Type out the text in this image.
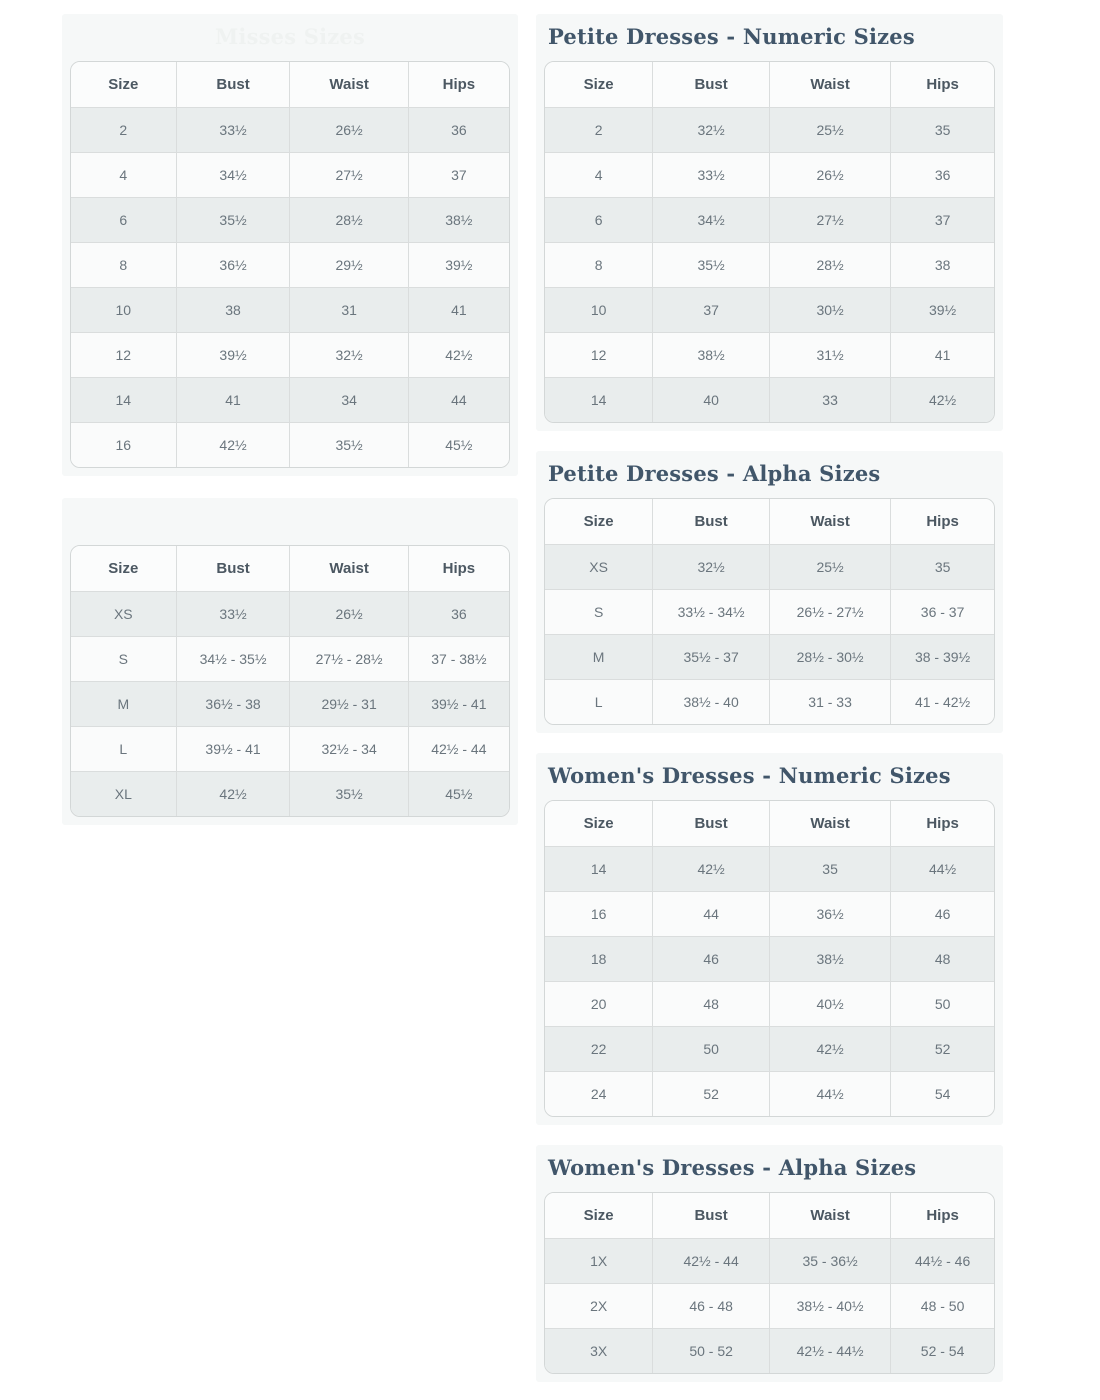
Misses Sizes
Size	Bust	Waist	Hips
2	33½	26½	36
4	34½	27½	37
6	35½	28½	38½
8	36½	29½	39½
10	38	31	41
12	39½	32½	42½
14	41	34	44
16	42½	35½	45½
Size	Bust	Waist	Hips
XS	33½	26½	36
S	34½ - 35½	27½ - 28½	37 - 38½
M	36½ - 38	29½ - 31	39½ - 41
L	39½ - 41	32½ - 34	42½ - 44
XL	42½	35½	45½
Petite Dresses - Numeric Sizes
Size	Bust	Waist	Hips
2	32½	25½	35
4	33½	26½	36
6	34½	27½	37
8	35½	28½	38
10	37	30½	39½
12	38½	31½	41
14	40	33	42½
Petite Dresses - Alpha Sizes
Size	Bust	Waist	Hips
XS	32½	25½	35
S	33½ - 34½	26½ - 27½	36 - 37
M	35½ - 37	28½ - 30½	38 - 39½
L	38½ - 40	31 - 33	41 - 42½
Women's Dresses - Numeric Sizes
Size	Bust	Waist	Hips
14	42½	35	44½
16	44	36½	46
18	46	38½	48
20	48	40½	50
22	50	42½	52
24	52	44½	54
Women's Dresses - Alpha Sizes
Size	Bust	Waist	Hips
1X	42½ - 44	35 - 36½	44½ - 46
2X	46 - 48	38½ - 40½	48 - 50
3X	50 - 52	42½ - 44½	52 - 54
